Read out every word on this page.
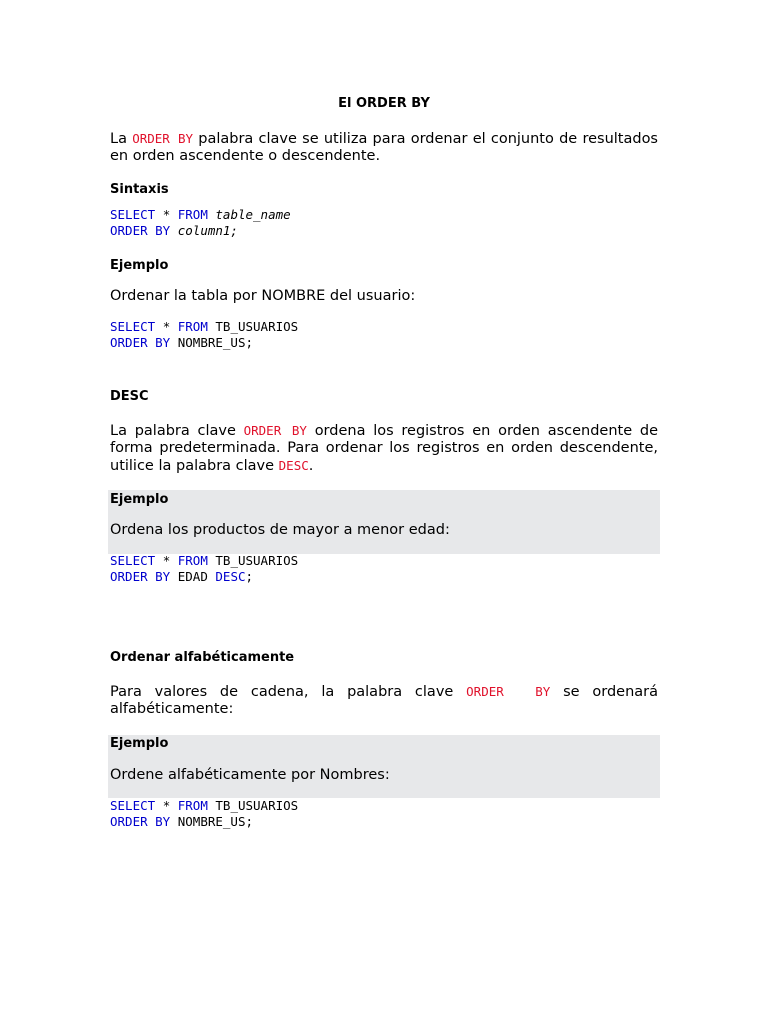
El ORDER BY
La ORDER BY palabra clave se utiliza para ordenar el conjunto de resultados en orden ascendente o descendente.
Sintaxis
SELECT * FROM table_name
ORDER BY column1;
Ejemplo
Ordenar la tabla por NOMBRE del usuario:
SELECT * FROM TB_USUARIOS
ORDER BY NOMBRE_US;
DESC
La palabra clave ORDER BY ordena los registros en orden ascendente de forma predeterminada. Para ordenar los registros en orden descendente, utilice la palabra clave DESC.
Ejemplo
Ordena los productos de mayor a menor edad:
SELECT * FROM TB_USUARIOS
ORDER BY EDAD DESC;
Ordenar alfabéticamente
Para valores de cadena, la palabra clave ORDER  BY se ordenará alfabéticamente:
Ejemplo
Ordene alfabéticamente por Nombres:
SELECT * FROM TB_USUARIOS
ORDER BY NOMBRE_US;
